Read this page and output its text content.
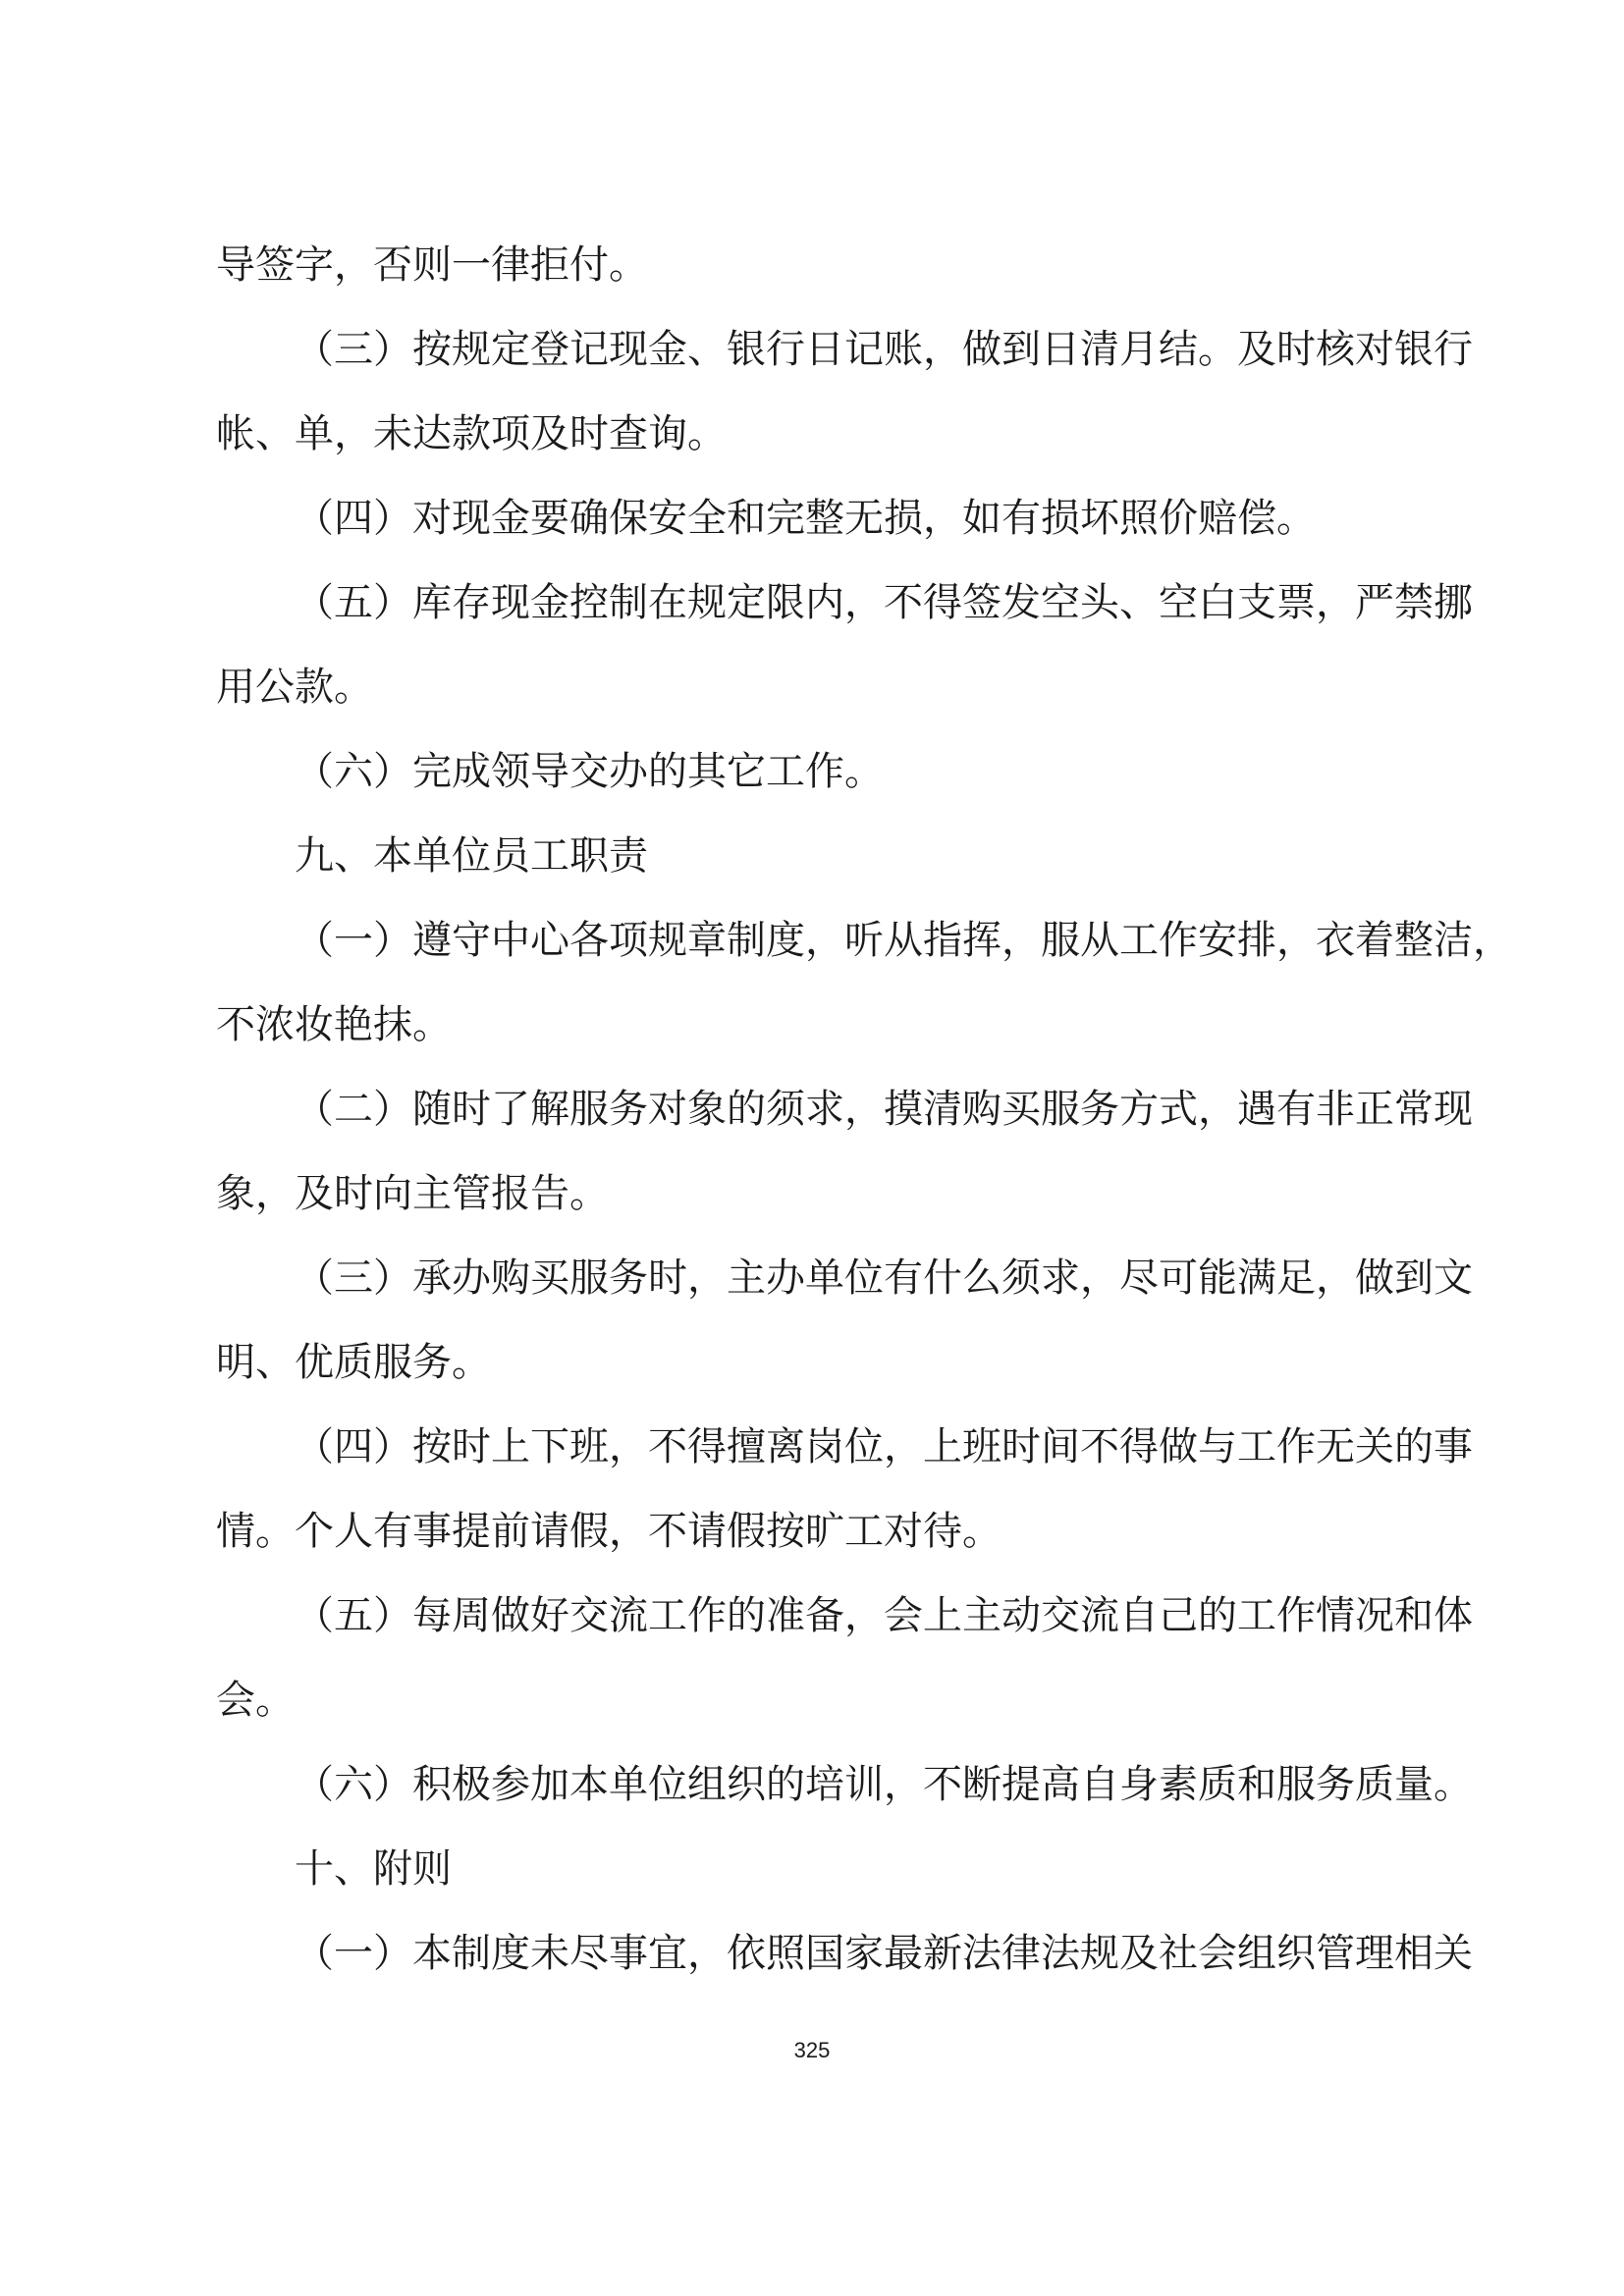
导签字，否则一律拒付。

（三）按规定登记现金、银行日记账，做到日清月结。及时核对银行

帐、单，未达款项及时查询。

（四）对现金要确保安全和完整无损，如有损坏照价赔偿。

（五）库存现金控制在规定限内，不得签发空头、空白支票，严禁挪

用公款。

（六）完成领导交办的其它工作。

九、本单位员工职责

（一）遵守中心各项规章制度，听从指挥，服从工作安排，衣着整洁，

不浓妆艳抹。

（二）随时了解服务对象的须求，摸清购买服务方式，遇有非正常现

象，及时向主管报告。

（三）承办购买服务时，主办单位有什么须求，尽可能满足，做到文

明、优质服务。

（四）按时上下班，不得擅离岗位，上班时间不得做与工作无关的事

情。个人有事提前请假，不请假按旷工对待。

（五）每周做好交流工作的准备，会上主动交流自己的工作情况和体

会。

（六）积极参加本单位组织的培训，不断提高自身素质和服务质量。

十、附则

（一）本制度未尽事宜，依照国家最新法律法规及社会组织管理相关

325
